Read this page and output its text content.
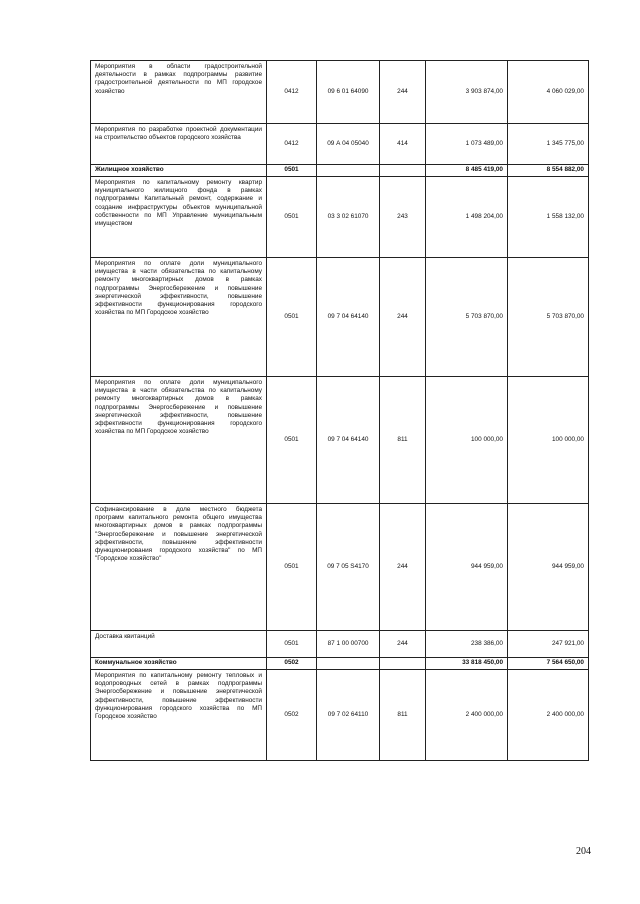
Мероприятия в области градостроительной деятельности в рамках подпрограммы развитие градостроительной деятельности по МП городское хозяйство	0412	09 6 01 64090	244	3 903 874,00	4 060 029,00
Мероприятия по разработке проектной документации на строительство объектов городского хозяйства	0412	09 А 04 05040	414	1 073 489,00	1 345 775,00
Жилищное хозяйство	0501			8 485 419,00	8 554 882,00
Мероприятия по капитальному ремонту квартир муниципального жилищного фонда в рамках подпрограммы Капитальный ремонт, содержание и создание инфраструктуры объектов муниципальной собственности по МП Управление муниципальным имуществом	0501	03 3 02 61070	243	1 498 204,00	1 558 132,00
Мероприятия по оплате доли муниципального имущества в части обязательства по капитальному ремонту многоквартирных домов в рамках подпрограммы Энергосбережение и повышение энергетической эффективности, повышение эффективности функционирования городского хозяйства по МП Городское хозяйство	0501	09 7 04 64140	244	5 703 870,00	5 703 870,00
Мероприятия по оплате доли муниципального имущества в части обязательства по капитальному ремонту многоквартирных домов в рамках подпрограммы Энергосбережение и повышение энергетической эффективности, повышение эффективности функционирования городского хозяйства по МП Городское хозяйство	0501	09 7 04 64140	811	100 000,00	100 000,00
Софинансирование в доле местного бюджета программ капитального ремонта общего имущества многоквартирных домов в рамках подпрограммы "Энергосбережение и повышение энергетической эффективности, повышение эффективности функционирования городского хозяйства" по МП "Городское хозяйство"	0501	09 7 05 S4170	244	944 959,00	944 959,00
Доставка квитанций	0501	87 1 00 00700	244	238 386,00	247 921,00
Коммунальное хозяйство	0502			33 818 450,00	7 564 650,00
Мероприятия по капитальному ремонту тепловых и водопроводных сетей в рамках подпрограммы Энергосбережение и повышение энергетической эффективности, повышение эффективности функционирования городского хозяйства по МП Городское хозяйство	0502	09 7 02 64110	811	2 400 000,00	2 400 000,00
204
